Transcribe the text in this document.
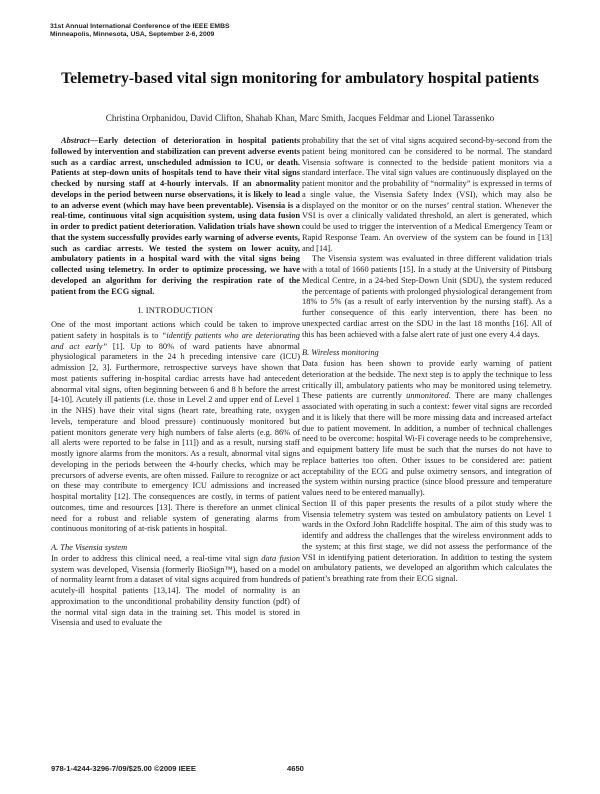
31st Annual International Conference of the IEEE EMBS
Minneapolis, Minnesota, USA, September 2-6, 2009
Telemetry-based vital sign monitoring for ambulatory hospital patients
Christina Orphanidou, David Clifton, Shahab Khan, Marc Smith, Jacques Feldmar and Lionel Tarassenko

Abstract—Early detection of deterioration in hospital patients followed by intervention and stabilization can prevent adverse events such as a cardiac arrest, unscheduled admission to ICU, or death. Patients at step-down units of hospitals tend to have their vital signs checked by nursing staff at 4-hourly intervals. If an abnormality develops in the period between nurse observations, it is likely to lead to an adverse event (which may have been preventable). Visensia is a real-time, continuous vital sign acquisition system, using data fusion in order to predict patient deterioration. Validation trials have shown that the system successfully provides early warning of adverse events, such as cardiac arrests. We tested the system on lower acuity, ambulatory patients in a hospital ward with the vital signs being collected using telemetry. In order to optimize processing, we have developed an algorithm for deriving the respiration rate of the patient from the ECG signal.

I. INTRODUCTION

One of the most important actions which could be taken to improve patient safety in hospitals is to “identify patients who are deteriorating and act early” [1]. Up to 80% of ward patients have abnormal physiological parameters in the 24 h preceding intensive care (ICU) admission [2, 3]. Furthermore, retrospective surveys have shown that most patients suffering in-hospital cardiac arrests have had antecedent abnormal vital signs, often beginning between 6 and 8 h before the arrest [4-10]. Acutely ill patients (i.e. those in Level 2 and upper end of Level 1 in the NHS) have their vital signs (heart rate, breathing rate, oxygen levels, temperature and blood pressure) continuously monitored but patient monitors generate very high numbers of false alerts (e.g. 86% of all alerts were reported to be false in [11]) and as a result, nursing staff mostly ignore alarms from the monitors. As a result, abnormal vital signs developing in the periods between the 4-hourly checks, which may be precursors of adverse events, are often missed. Failure to recognize or act on these may contribute to emergency ICU admissions and increased hospital mortality [12]. The consequences are costly, in terms of patient outcomes, time and resources [13]. There is therefore an unmet clinical need for a robust and reliable system of generating alarms from continuous monitoring of at-risk patients in hospital.

A. The Visensia system

In order to address this clinical need, a real-time vital sign data fusion system was developed, Visensia (formerly BioSign™), based on a model of normality learnt from a dataset of vital signs acquired from hundreds of acutely-ill hospital patients [13,14]. The model of normality is an approximation to the unconditional probability density function (pdf) of the normal vital sign data in the training set. This model is stored in Visensia and used to evaluate the

probability that the set of vital signs acquired second-by-second from the patient being monitored can be considered to be normal. The standard Visensia software is connected to the bedside patient monitors via a standard interface. The vital sign values are continuously displayed on the patient monitor and the probability of “normality” is expressed in terms of a single value, the Visensia Safety Index (VSI), which may also be displayed on the monitor or on the nurses’ central station. Whenever the VSI is over a clinically validated threshold, an alert is generated, which could be used to trigger the intervention of a Medical Emergency Team or Rapid Response Team. An overview of the system can be found in [13] and [14].

The Visensia system was evaluated in three different validation trials with a total of 1660 patients [15]. In a study at the University of Pittsburg Medical Centre, in a 24-bed Step-Down Unit (SDU), the system reduced the percentage of patients with prolonged physiological derangement from 18% to 5% (as a result of early intervention by the nursing staff). As a further consequence of this early intervention, there has been no unexpected cardiac arrest on the SDU in the last 18 months [16]. All of this has been achieved with a false alert rate of just one every 4.4 days.

B. Wireless monitoring

Data fusion has been shown to provide early warning of patient deterioration at the bedside. The next step is to apply the technique to less critically ill, ambulatory patients who may be monitored using telemetry. These patients are currently unmonitored. There are many challenges associated with operating in such a context: fewer vital signs are recorded and it is likely that there will be more missing data and increased artefact due to patient movement. In addition, a number of technical challenges need to be overcome: hospital Wi-Fi coverage needs to be comprehensive, and equipment battery life must be such that the nurses do not have to replace batteries too often. Other issues to be considered are: patient acceptability of the ECG and pulse oximetry sensors, and integration of the system within nursing practice (since blood pressure and temperature values need to be entered manually).

Section II of this paper presents the results of a pilot study where the Visensia telemetry system was tested on ambulatory patients on Level 1 wards in the Oxford John Radcliffe hospital. The aim of this study was to identify and address the challenges that the wireless environment adds to the system; at this first stage, we did not assess the performance of the VSI in identifying patient deterioration. In addition to testing the system on ambulatory patients, we developed an algorithm which calculates the patient’s breathing rate from their ECG signal.

978-1-4244-3296-7/09/$25.00 ©2009 IEEE	4650
